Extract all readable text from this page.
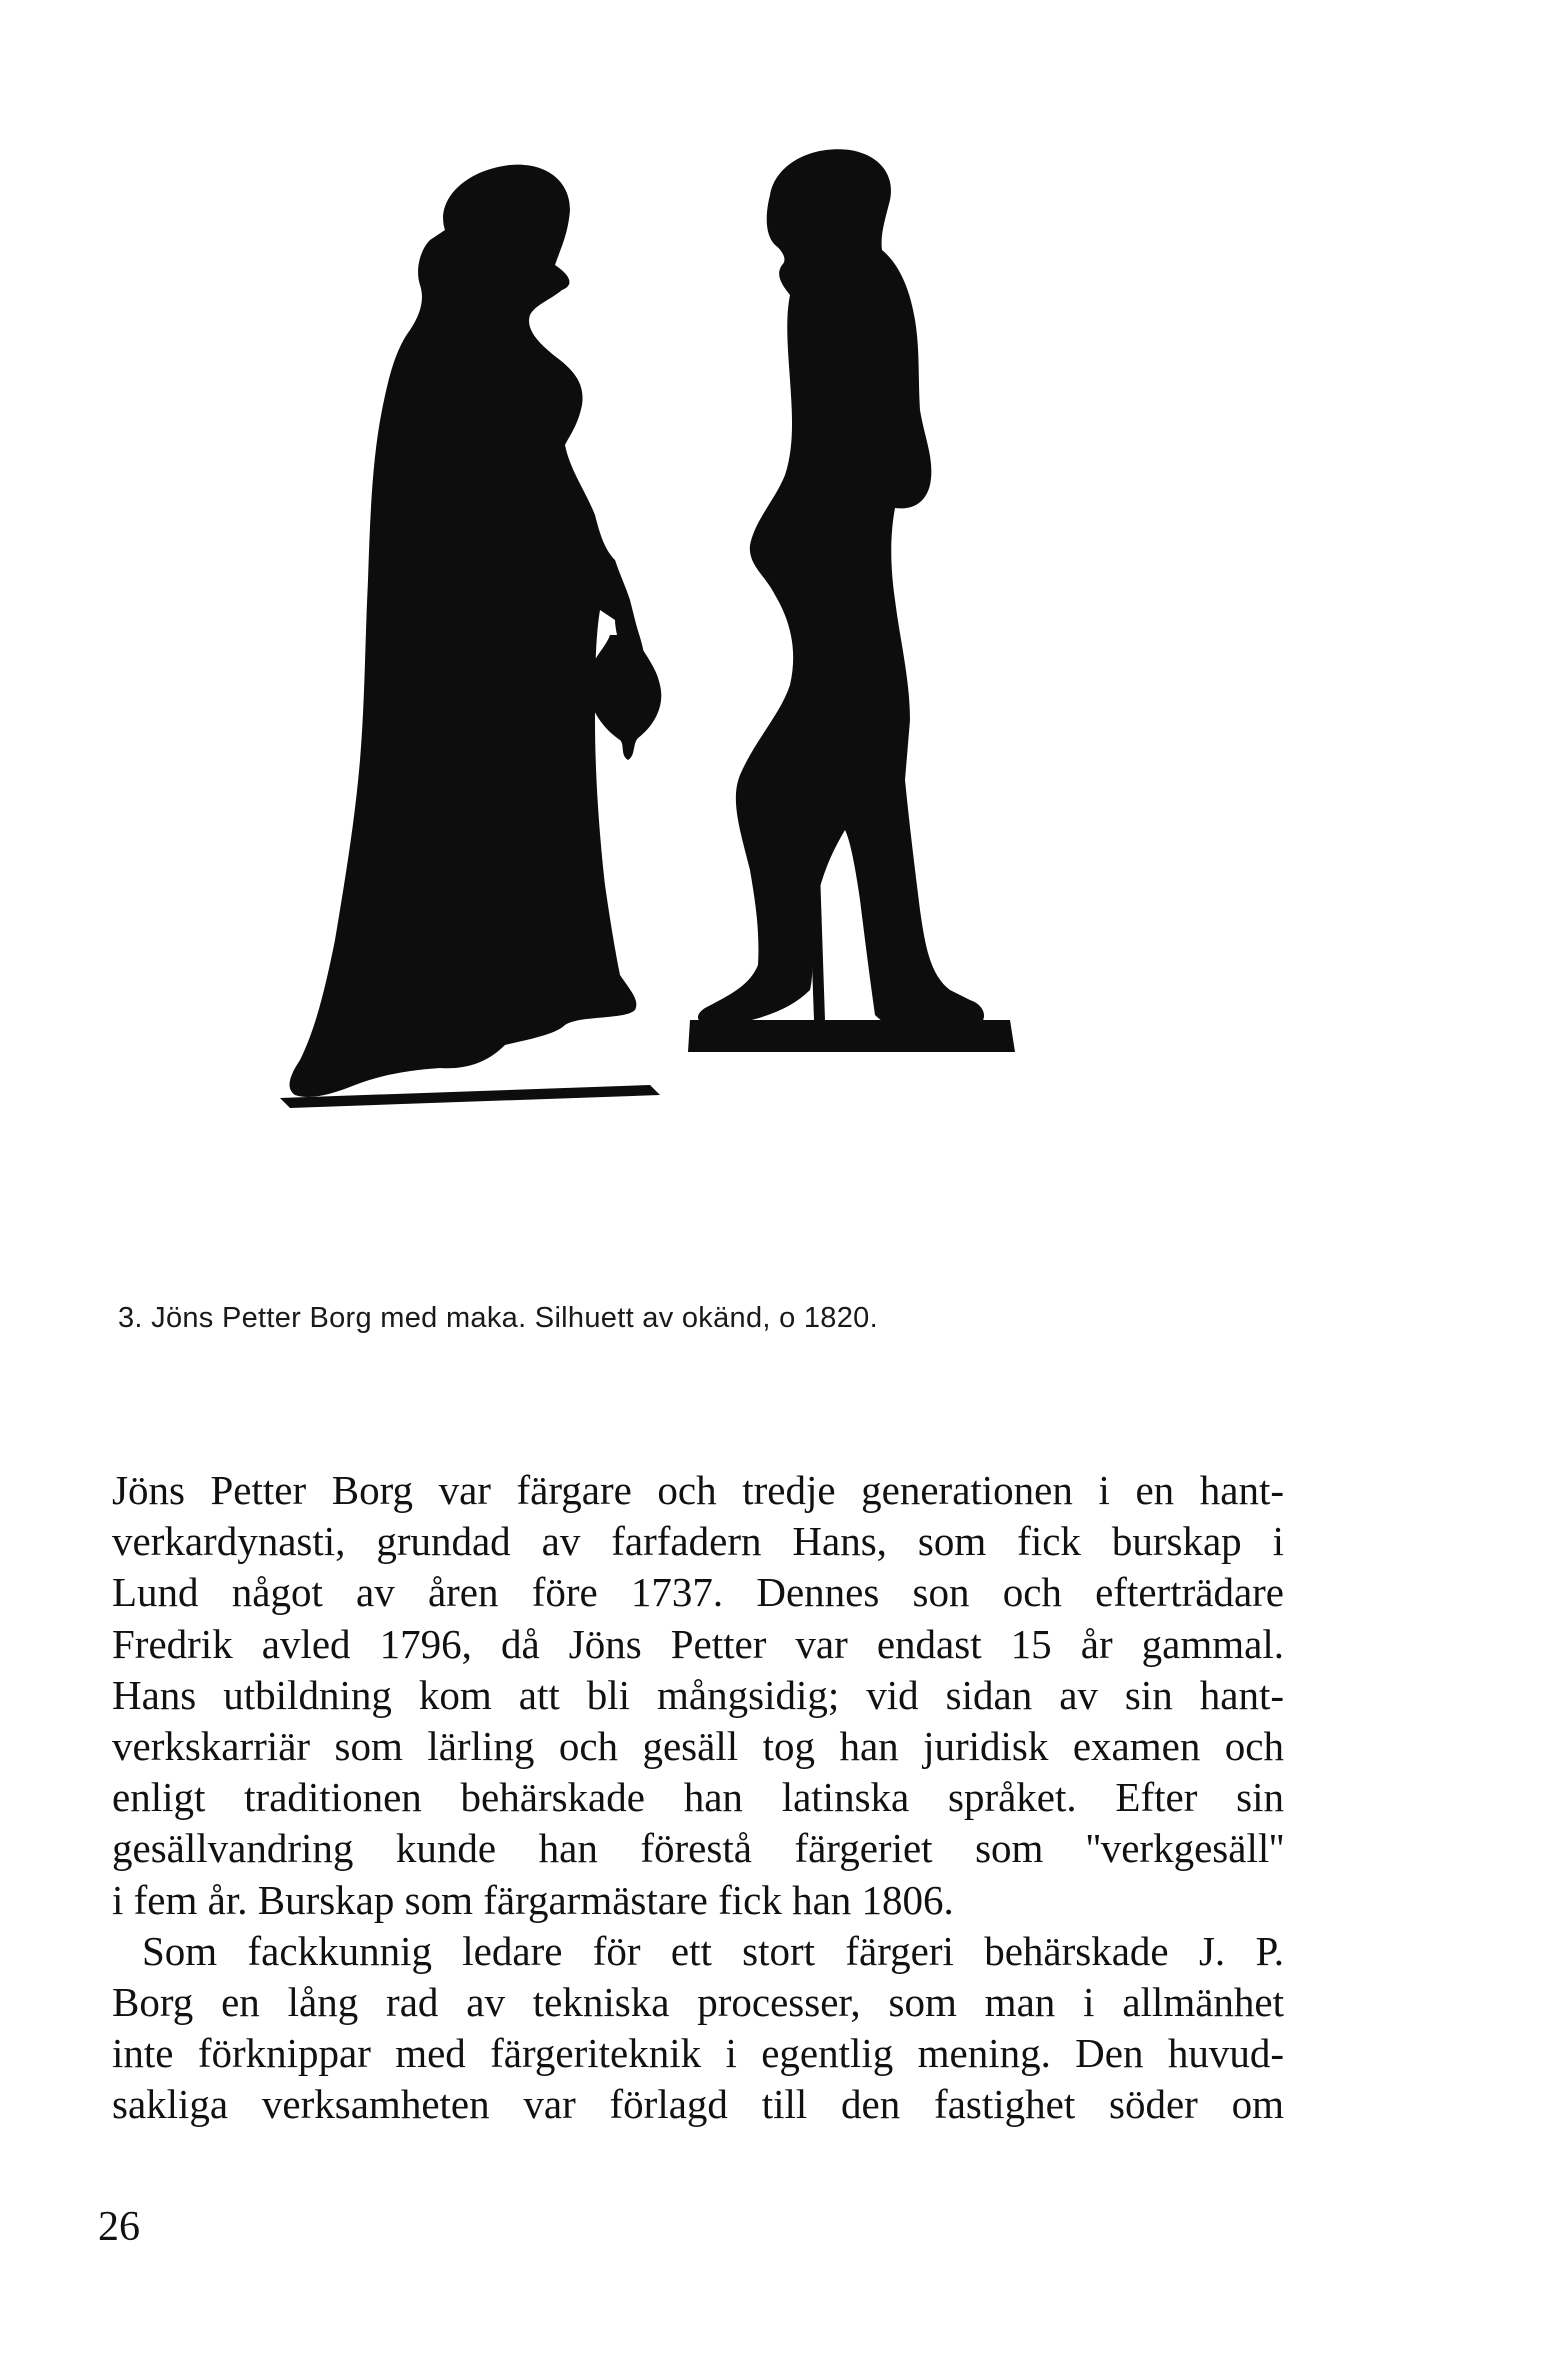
3. Jöns Petter Borg med maka. Silhuett av okänd, o 1820.
Jöns Petter Borg var färgare och tredje generationen i en hant-
verkardynasti, grundad av farfadern Hans, som fick burskap i
Lund något av åren före 1737. Dennes son och efterträdare
Fredrik avled 1796, då Jöns Petter var endast 15 år gammal.
Hans utbildning kom att bli mångsidig; vid sidan av sin hant-
verkskarriär som lärling och gesäll tog han juridisk examen och
enligt traditionen behärskade han latinska språket. Efter sin
gesällvandring kunde han förestå färgeriet som ''verkgesäll''
i fem år. Burskap som färgarmästare fick han 1806.
Som fackkunnig ledare för ett stort färgeri behärskade J. P.
Borg en lång rad av tekniska processer, som man i allmänhet
inte förknippar med färgeriteknik i egentlig mening. Den huvud-
sakliga verksamheten var förlagd till den fastighet söder om
26
